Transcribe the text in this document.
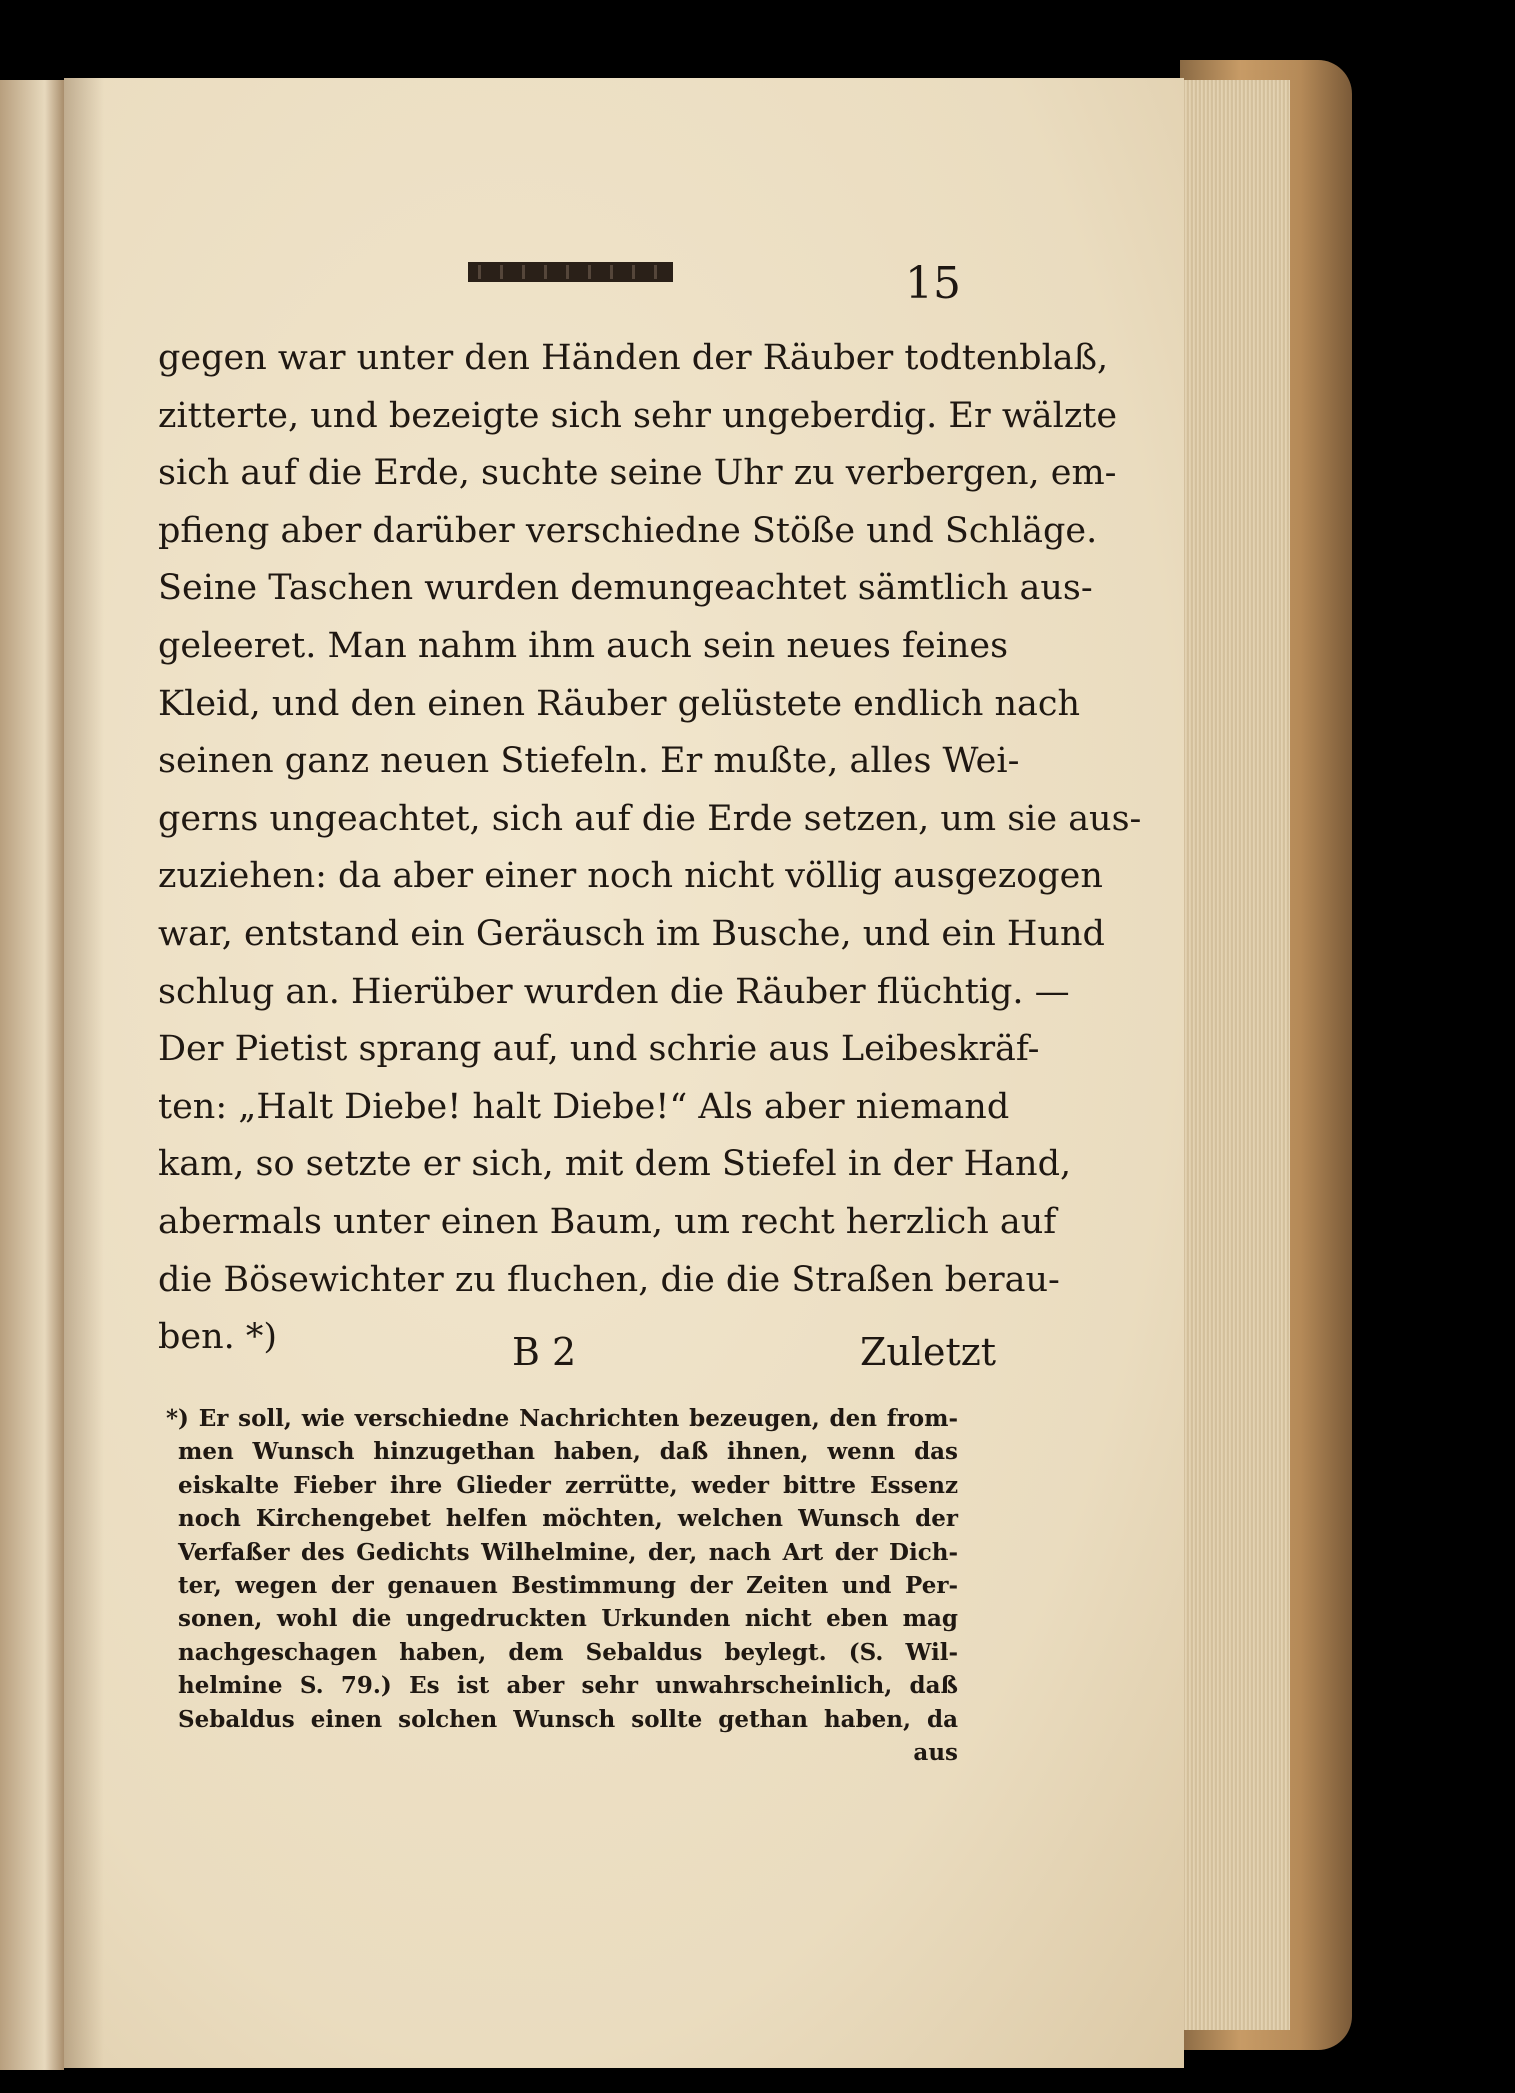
15
gegen war unter den Händen der Räuber todtenblaß,
zitterte, und bezeigte sich sehr ungeberdig. Er wälzte
sich auf die Erde, suchte seine Uhr zu verbergen, em-
pfieng aber darüber verschiedne Stöße und Schläge.
Seine Taschen wurden demungeachtet sämtlich aus-
geleeret. Man nahm ihm auch sein neues feines
Kleid, und den einen Räuber gelüstete endlich nach
seinen ganz neuen Stiefeln. Er mußte, alles Wei-
gerns ungeachtet, sich auf die Erde setzen, um sie aus-
zuziehen: da aber einer noch nicht völlig ausgezogen
war, entstand ein Geräusch im Busche, und ein Hund
schlug an. Hierüber wurden die Räuber flüchtig. —
Der Pietist sprang auf, und schrie aus Leibeskräf-
ten: „Halt Diebe! halt Diebe!“ Als aber niemand
kam, so setzte er sich, mit dem Stiefel in der Hand,
abermals unter einen Baum, um recht herzlich auf
die Bösewichter zu fluchen, die die Straßen berau-
ben. *)	B 2	Zuletzt
*) Er soll, wie verschiedne Nachrichten bezeugen, den from-
men Wunsch hinzugethan haben, daß ihnen, wenn das
eiskalte Fieber ihre Glieder zerrütte, weder bittre Essenz
noch Kirchengebet helfen möchten, welchen Wunsch der
Verfaßer des Gedichts Wilhelmine, der, nach Art der Dich-
ter, wegen der genauen Bestimmung der Zeiten und Per-
sonen, wohl die ungedruckten Urkunden nicht eben mag
nachgeschagen haben, dem Sebaldus beylegt. (S. Wil-
helmine S. 79.) Es ist aber sehr unwahrscheinlich, daß
Sebaldus einen solchen Wunsch sollte gethan haben, da
aus
